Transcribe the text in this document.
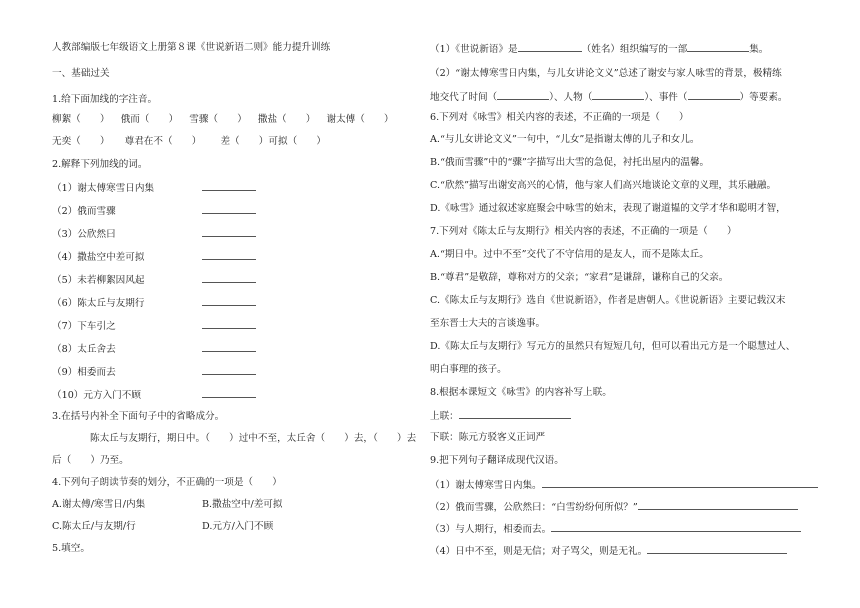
人教部编版七年级语文上册第８课《世说新语二则》能力提升训练
一、基础过关
1.给下面加线的字注音。
柳絮（　　） 俄而（　　） 雪骤（　　） 撒盐（　　） 谢太傅（　　）
无奕（　　） 尊君在不（　　） 差（　　）可拟（　　）
2.解释下列加线的词。
（1）谢太傅寒雪日内集
（2）俄而雪骤
（3）公欣然曰
（4）撒盐空中差可拟
（5）未若柳絮因风起
（6）陈太丘与友期行
（7）下车引之
（8）太丘舍去
（9）相委而去
（10）元方入门不顾
3.在括号内补全下面句子中的省略成分。
陈太丘与友期行，期日中。（　　）过中不至，太丘舍（　　）去，（　　）去
后（　　）乃至。
4.下列句子朗读节奏的划分，不正确的一项是（　　）
A.谢太傅/寒雪日/内集	B.撒盐空中/差可拟
C.陈太丘/与友期/行	D.元方/入门不顾
5.填空。
（1）《世说新语》是	（姓名）组织编写的一部	集。
（2）“谢太傅寒雪日内集，与儿女讲论文义”总述了谢安与家人咏雪的背景，极精练
地交代了时间（	）、人物（	）、事件（	）等要素。
6.下列对《咏雪》相关内容的表述，不正确的一项是（　　）
A.“与儿女讲论文义”一句中，“儿女”是指谢太傅的儿子和女儿。
B.“俄而雪骤”中的“骤”字描写出大雪的急促，衬托出屋内的温馨。
C.“欣然”描写出谢安高兴的心情，他与家人们高兴地谈论文章的义理，其乐融融。
D.《咏雪》通过叙述家庭聚会中咏雪的始末，表现了谢道韫的文学才华和聪明才智，
7.下列对《陈太丘与友期行》相关内容的表述，不正确的一项是（　　）
A.“期日中。过中不至”交代了不守信用的是友人，而不是陈太丘。
B.“尊君”是敬辞，尊称对方的父亲；“家君”是谦辞，谦称自己的父亲。
C.《陈太丘与友期行》选自《世说新语》，作者是唐朝人。《世说新语》主要记载汉末
至东晋士大夫的言谈逸事。
D.《陈太丘与友期行》写元方的虽然只有短短几句，但可以看出元方是一个聪慧过人、
明白事理的孩子。
8.根据本课短文《咏雪》的内容补写上联。
上联：
下联：陈元方驳客义正词严
9.把下列句子翻译成现代汉语。
（1）谢太傅寒雪日内集。
（2）俄而雪骤，公欣然曰：“白雪纷纷何所似？”
（3）与人期行，相委而去。
（4）日中不至，则是无信；对子骂父，则是无礼。
